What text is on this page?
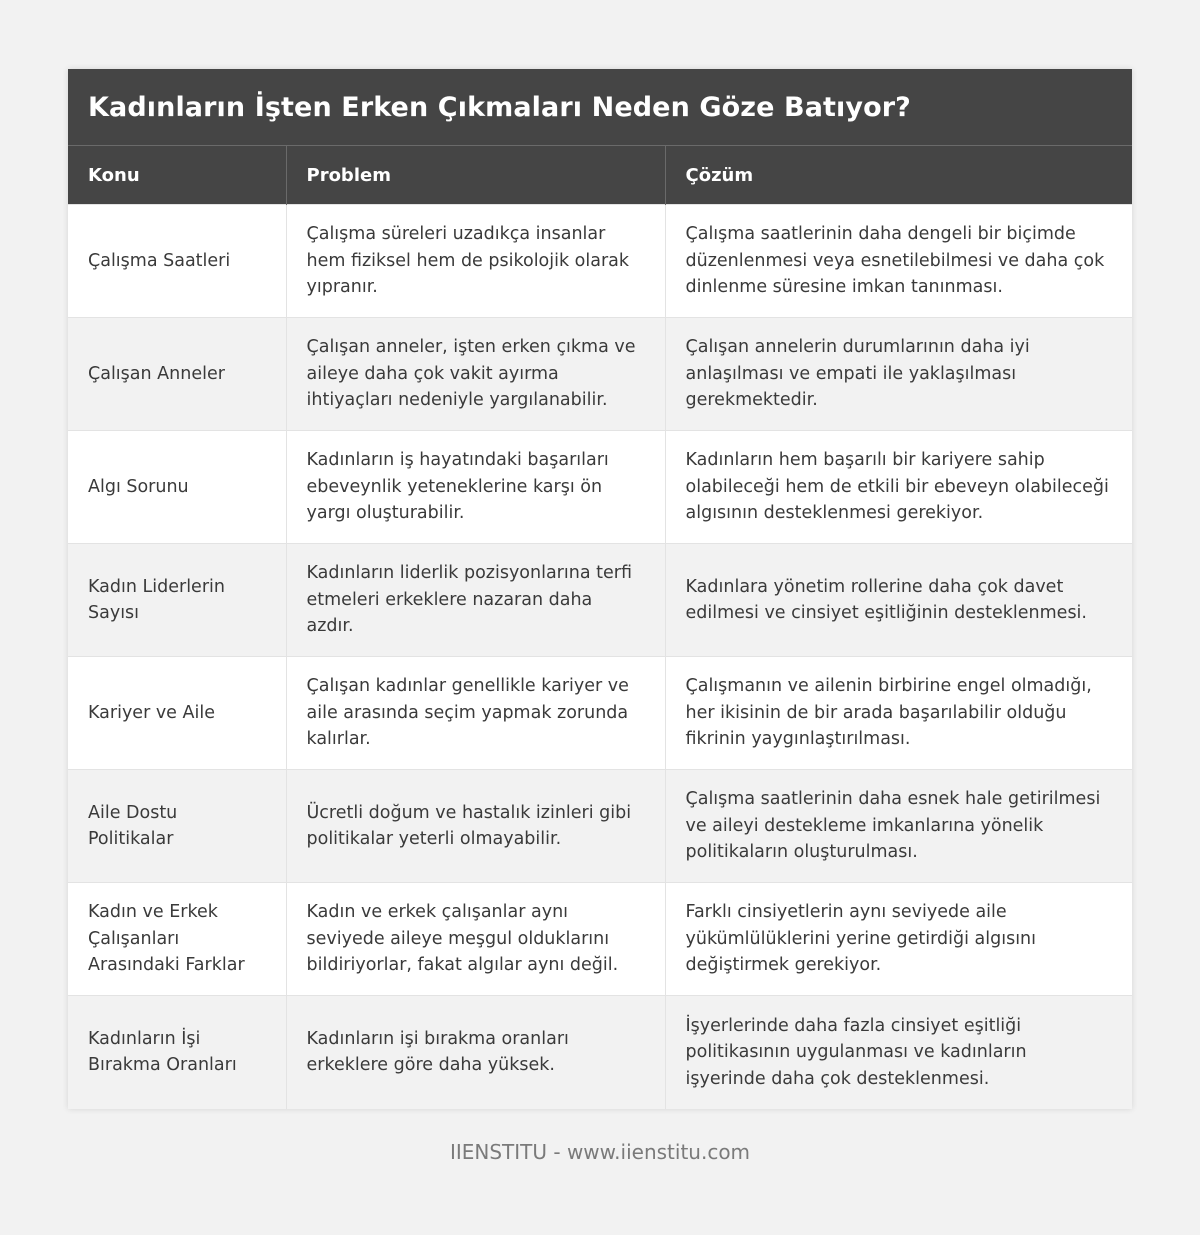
Kadınların İşten Erken Çıkmaları Neden Göze Batıyor?
Konu	Problem	Çözüm
Çalışma Saatleri	Çalışma süreleri uzadıkça insanlar hem fiziksel hem de psikolojik olarak yıpranır.	Çalışma saatlerinin daha dengeli bir biçimde düzenlenmesi veya esnetilebilmesi ve daha çok dinlenme süresine imkan tanınması.
Çalışan Anneler	Çalışan anneler, işten erken çıkma ve aileye daha çok vakit ayırma ihtiyaçları nedeniyle yargılanabilir.	Çalışan annelerin durumlarının daha iyi anlaşılması ve empati ile yaklaşılması gerekmektedir.
Algı Sorunu	Kadınların iş hayatındaki başarıları ebeveynlik yeteneklerine karşı ön yargı oluşturabilir.	Kadınların hem başarılı bir kariyere sahip olabileceği hem de etkili bir ebeveyn olabileceği algısının desteklenmesi gerekiyor.
Kadın Liderlerin Sayısı	Kadınların liderlik pozisyonlarına terfi etmeleri erkeklere nazaran daha azdır.	Kadınlara yönetim rollerine daha çok davet edilmesi ve cinsiyet eşitliğinin desteklenmesi.
Kariyer ve Aile	Çalışan kadınlar genellikle kariyer ve aile arasında seçim yapmak zorunda kalırlar.	Çalışmanın ve ailenin birbirine engel olmadığı, her ikisinin de bir arada başarılabilir olduğu fikrinin yaygınlaştırılması.
Aile Dostu Politikalar	Ücretli doğum ve hastalık izinleri gibi politikalar yeterli olmayabilir.	Çalışma saatlerinin daha esnek hale getirilmesi ve aileyi destekleme imkanlarına yönelik politikaların oluşturulması.
Kadın ve Erkek Çalışanları Arasındaki Farklar	Kadın ve erkek çalışanlar aynı seviyede aileye meşgul olduklarını bildiriyorlar, fakat algılar aynı değil.	Farklı cinsiyetlerin aynı seviyede aile yükümlülüklerini yerine getirdiği algısını değiştirmek gerekiyor.
Kadınların İşi Bırakma Oranları	Kadınların işi bırakma oranları erkeklere göre daha yüksek.	İşyerlerinde daha fazla cinsiyet eşitliği politikasının uygulanması ve kadınların işyerinde daha çok desteklenmesi.
IIENSTITU - www.iienstitu.com
